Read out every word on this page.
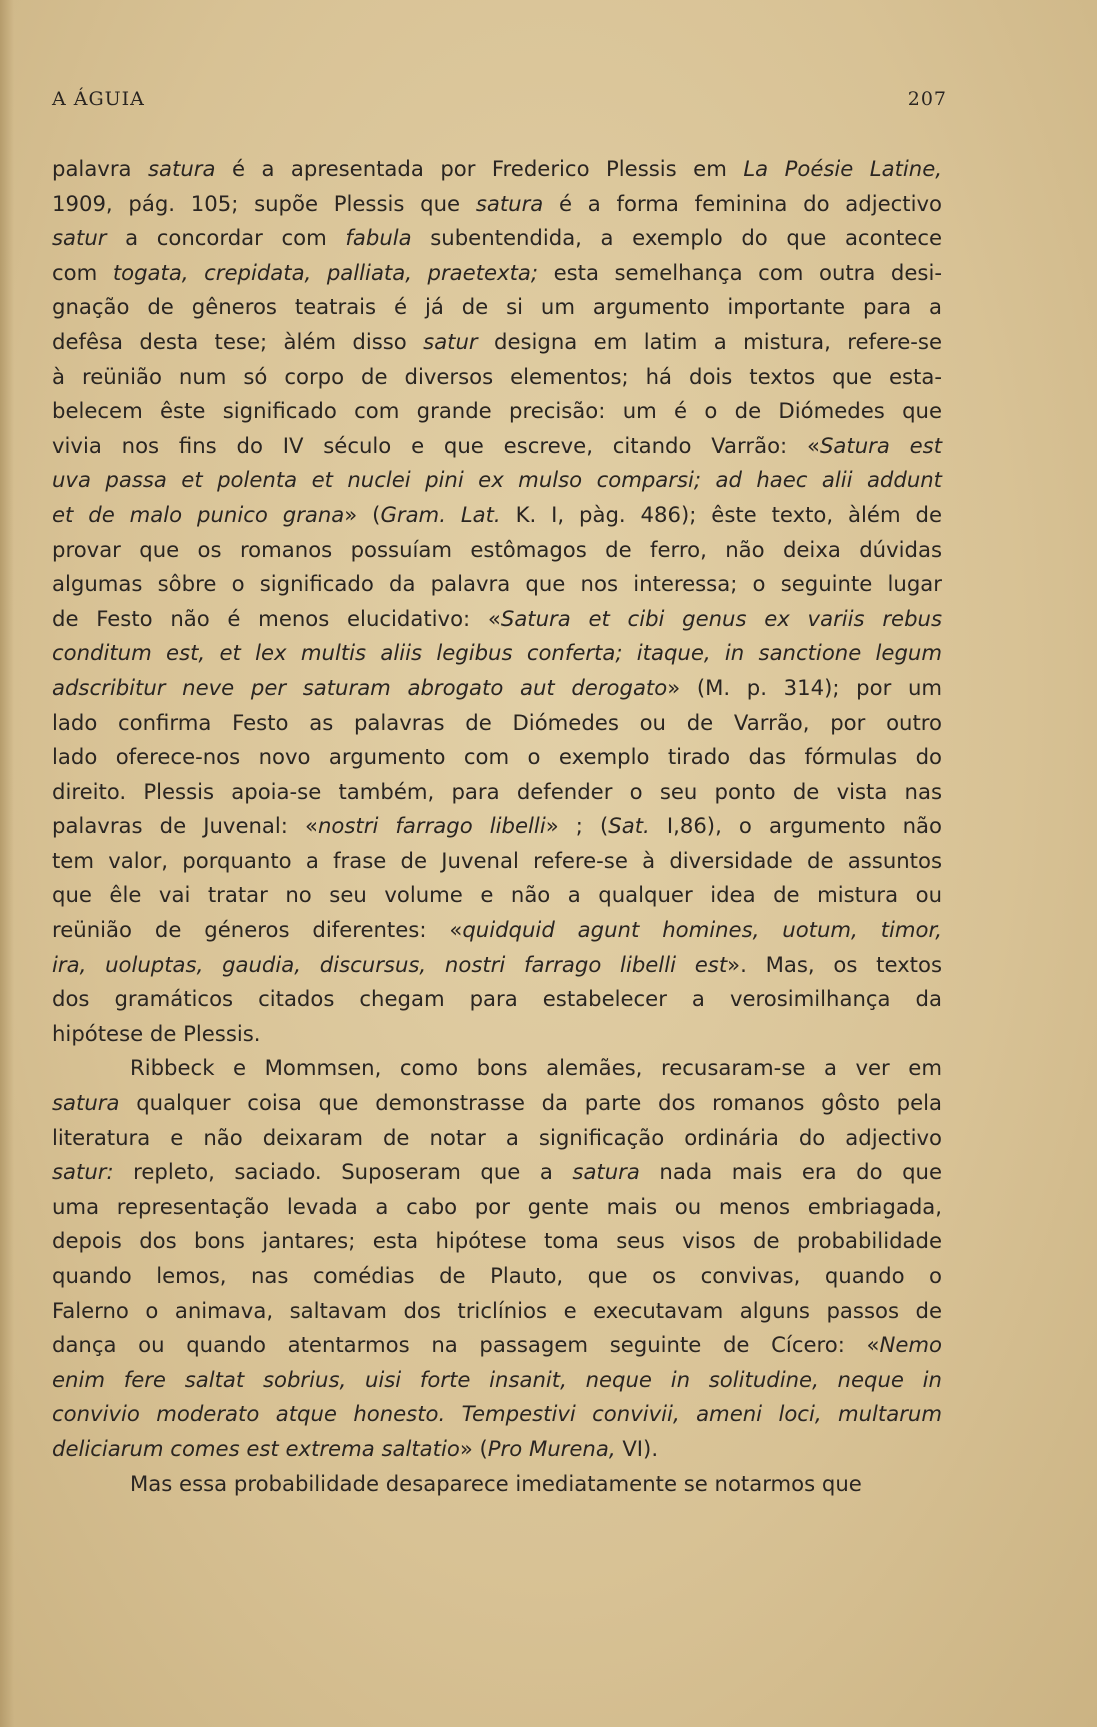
A ÁGUIA	207
palavra satura é a apresentada por Frederico Plessis em La Poésie Latine,
1909, pág. 105; supõe Plessis que satura é a forma feminina do adjectivo
satur a concordar com fabula subentendida, a exemplo do que acontece
com togata, crepidata, palliata, praetexta; esta semelhança com outra desi-
gnação de gêneros teatrais é já de si um argumento importante para a
defêsa desta tese; àlém disso satur designa em latim a mistura, refere-se
à reünião num só corpo de diversos elementos; há dois textos que esta-
belecem êste significado com grande precisão: um é o de Diómedes que
vivia nos fins do IV século e que escreve, citando Varrão: «Satura est
uva passa et polenta et nuclei pini ex mulso comparsi; ad haec alii addunt
et de malo punico grana» (Gram. Lat. K. I, pàg. 486); êste texto, àlém de
provar que os romanos possuíam estômagos de ferro, não deixa dúvidas
algumas sôbre o significado da palavra que nos interessa; o seguinte lugar
de Festo não é menos elucidativo: «Satura et cibi genus ex variis rebus
conditum est, et lex multis aliis legibus conferta; itaque, in sanctione legum
adscribitur neve per saturam abrogato aut derogato» (M. p. 314); por um
lado confirma Festo as palavras de Diómedes ou de Varrão, por outro
lado oferece-nos novo argumento com o exemplo tirado das fórmulas do
direito. Plessis apoia-se também, para defender o seu ponto de vista nas
palavras de Juvenal: «nostri farrago libelli» ; (Sat. I,86), o argumento não
tem valor, porquanto a frase de Juvenal refere-se à diversidade de assuntos
que êle vai tratar no seu volume e não a qualquer idea de mistura ou
reünião de géneros diferentes: «quidquid agunt homines, uotum, timor,
ira, uoluptas, gaudia, discursus, nostri farrago libelli est». Mas, os textos
dos gramáticos citados chegam para estabelecer a verosimilhança da
hipótese de Plessis.
Ribbeck e Mommsen, como bons alemães, recusaram-se a ver em
satura qualquer coisa que demonstrasse da parte dos romanos gôsto pela
literatura e não deixaram de notar a significação ordinária do adjectivo
satur: repleto, saciado. Suposeram que a satura nada mais era do que
uma representação levada a cabo por gente mais ou menos embriagada,
depois dos bons jantares; esta hipótese toma seus visos de probabilidade
quando lemos, nas comédias de Plauto, que os convivas, quando o
Falerno o animava, saltavam dos triclínios e executavam alguns passos de
dança ou quando atentarmos na passagem seguinte de Cícero: «Nemo
enim fere saltat sobrius, uisi forte insanit, neque in solitudine, neque in
convivio moderato atque honesto. Tempestivi convivii, ameni loci, multarum
deliciarum comes est extrema saltatio» (Pro Murena, VI).
Mas essa probabilidade desaparece imediatamente se notarmos que
